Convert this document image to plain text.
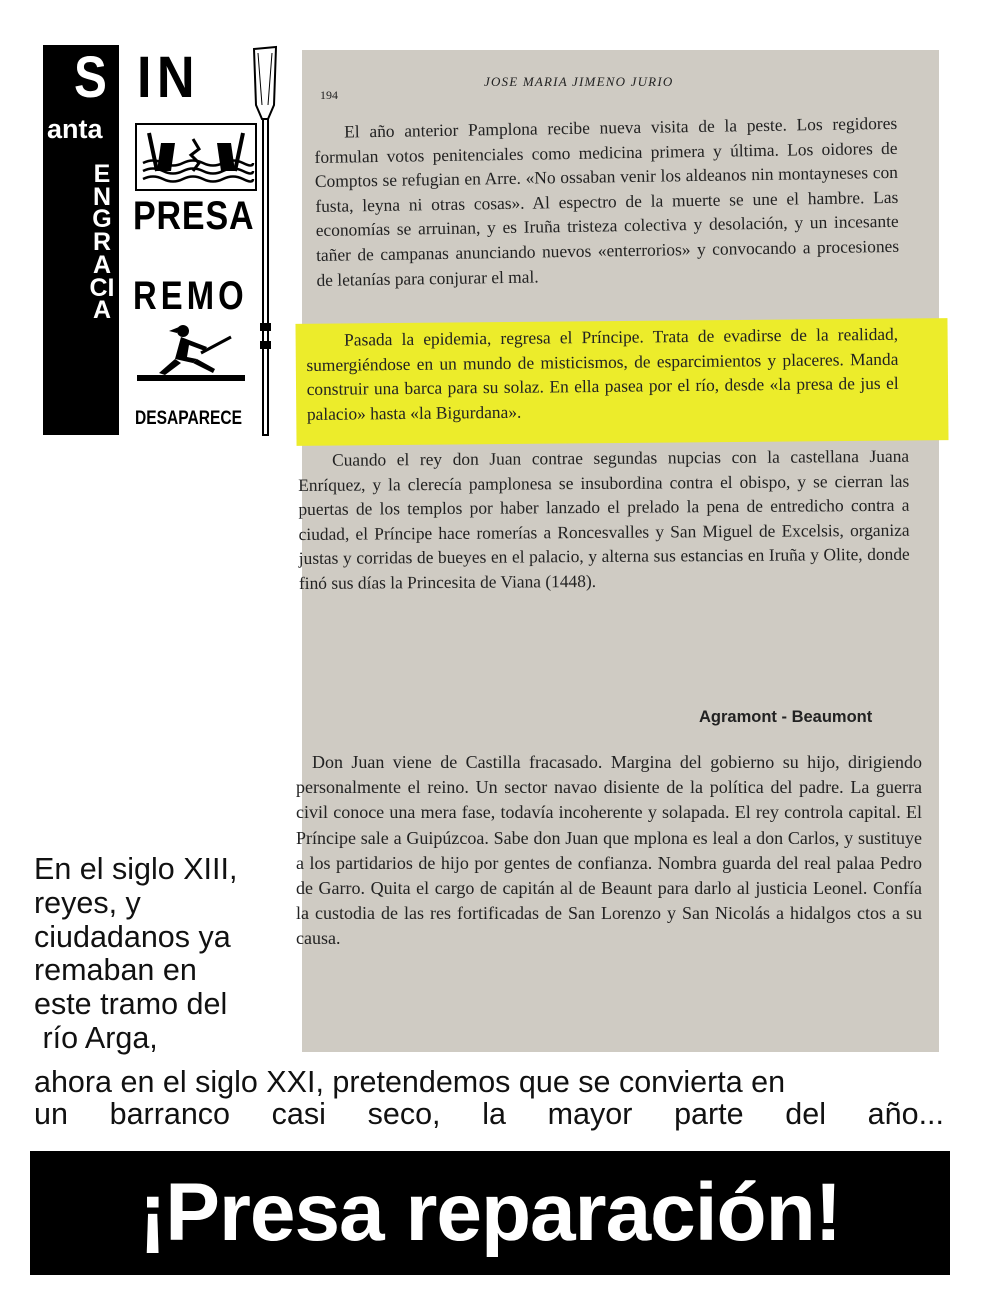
S
anta
ENGRACIA
IN
PRESA
REMO
DESAPARECE
194
JOSE MARIA JIMENO JURIO
El año anterior Pamplona recibe nueva visita de la peste. Los regidores formulan votos penitenciales como medicina primera y última. Los oidores de Comptos se refugian en Arre. «No ossaban venir los aldeanos nin montayneses con fusta, leyna ni otras cosas». Al espectro de la muerte se une el hambre. Las economías se arruinan, y es Iruña tristeza colectiva y desolación, y un incesante tañer de campanas anunciando nuevos «enterrorios» y convocando a procesiones de letanías para conjurar el mal.
Pasada la epidemia, regresa el Príncipe. Trata de evadirse de la realidad, sumergiéndose en un mundo de misticismos, de esparcimientos y placeres. Manda construir una barca para su solaz. En ella pasea por el río, desde «la presa de jus el palacio» hasta «la Bigurdana».
Cuando el rey don Juan contrae segundas nupcias con la castellana Juana Enríquez, y la clerecía pamplonesa se insubordina contra el obispo, y se cierran las puertas de los templos por haber lanzado el prelado la pena de entredicho contra a ciudad, el Príncipe hace romerías a Roncesvalles y San Miguel de Excelsis, organiza justas y corridas de bueyes en el palacio, y alterna sus estancias en Iruña y Olite, donde finó sus días la Princesita de Viana (1448).
Agramont - Beaumont
Don Juan viene de Castilla fracasado. Margina del gobierno su hijo, dirigiendo personalmente el reino. Un sector navao disiente de la política del padre. La guerra civil conoce una mera fase, todavía incoherente y solapada. El rey controla capital. El Príncipe sale a Guipúzcoa. Sabe don Juan que mplona es leal a don Carlos, y sustituye a los partidarios de hijo por gentes de confianza. Nombra guarda del real palaa Pedro de Garro. Quita el cargo de capitán al de Beaunt para darlo al justicia Leonel. Confía la custodia de las res fortificadas de San Lorenzo y San Nicolás a hidalgos ctos a su causa.
En el siglo XIII,
reyes, y
ciudadanos ya
remaban en
este tramo del
río Arga,
ahora en el siglo XXI, pretendemos que se convierta en
un barranco casi seco, la mayor parte del año...
¡Presa reparación!
